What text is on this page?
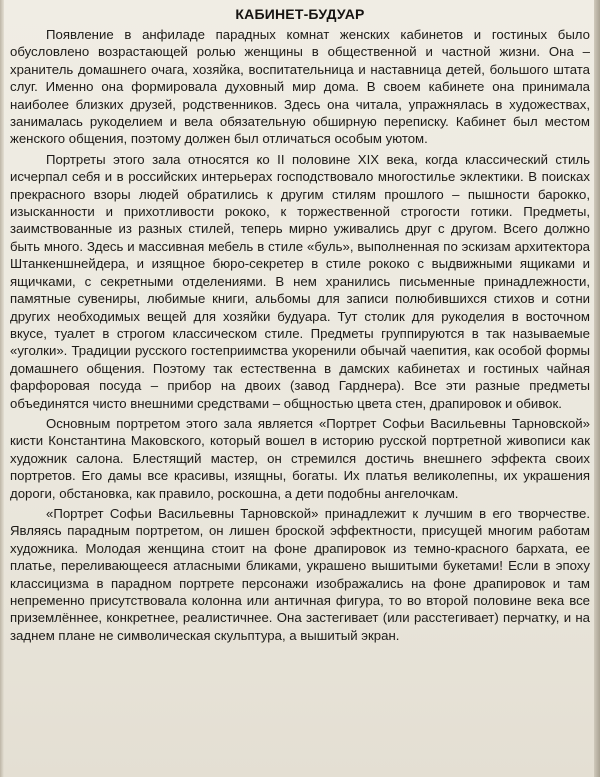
КАБИНЕТ-БУДУАР

Появление в анфиладе парадных комнат женских кабинетов и гостиных было обусловлено возрастающей ролью женщины в общественной и частной жизни. Она – хранитель домашнего очага, хозяйка, воспитательница и наставница детей, большого штата слуг. Именно она формировала духовный мир дома. В своем кабинете она принимала наиболее близких друзей, родственников. Здесь она читала, упражнялась в художествах, занималась рукоделием и вела обязательную обширную переписку. Кабинет был местом женского общения, поэтому должен был отличаться особым уютом.

Портреты этого зала относятся ко II половине XIX века, когда классический стиль исчерпал себя и в российских интерьерах господствовало многостилье эклектики. В поисках прекрасного взоры людей обратились к другим стилям прошлого – пышности барокко, изысканности и прихотливости рококо, к торжественной строгости готики. Предметы, заимствованные из разных стилей, теперь мирно уживались друг с другом. Всего должно быть много. Здесь и массивная мебель в стиле «буль», выполненная по эскизам архитектора Штанкеншнейдера, и изящное бюро-секретер в стиле рококо с выдвижными ящиками и ящичками, с секретными отделениями. В нем хранились письменные принадлежности, памятные сувениры, любимые книги, альбомы для записи полюбившихся стихов и сотни других необходимых вещей для хозяйки будуара. Тут столик для рукоделия в восточном вкусе, туалет в строгом классическом стиле. Предметы группируются в так называемые «уголки». Традиции русского гостеприимства укоренили обычай чаепития, как особой формы домашнего общения. Поэтому так естественна в дамских кабинетах и гостиных чайная фарфоровая посуда – прибор на двоих (завод Гарднера). Все эти разные предметы объединятся чисто внешними средствами – общностью цвета стен, драпировок и обивок.

Основным портретом этого зала является «Портрет Софьи Васильевны Тарновской» кисти Константина Маковского, который вошел в историю русской портретной живописи как художник салона. Блестящий мастер, он стремился достичь внешнего эффекта своих портретов. Его дамы все красивы, изящны, богаты. Их платья великолепны, их украшения дороги, обстановка, как правило, роскошна, а дети подобны ангелочкам.

«Портрет Софьи Васильевны Тарновской» принадлежит к лучшим в его творчестве. Являясь парадным портретом, он лишен броской эффектности, присущей многим работам художника. Молодая женщина стоит на фоне драпировок из темно-красного бархата, ее платье, переливающееся атласными бликами, украшено вышитыми букетами! Если в эпоху классицизма в парадном портрете персонажи изображались на фоне драпировок и там непременно присутствовала колонна или античная фигура, то во второй половине века все приземлённее, конкретнее, реалистичнее. Она застегивает (или расстегивает) перчатку, и на заднем плане не символическая скульптура, а вышитый экран.
